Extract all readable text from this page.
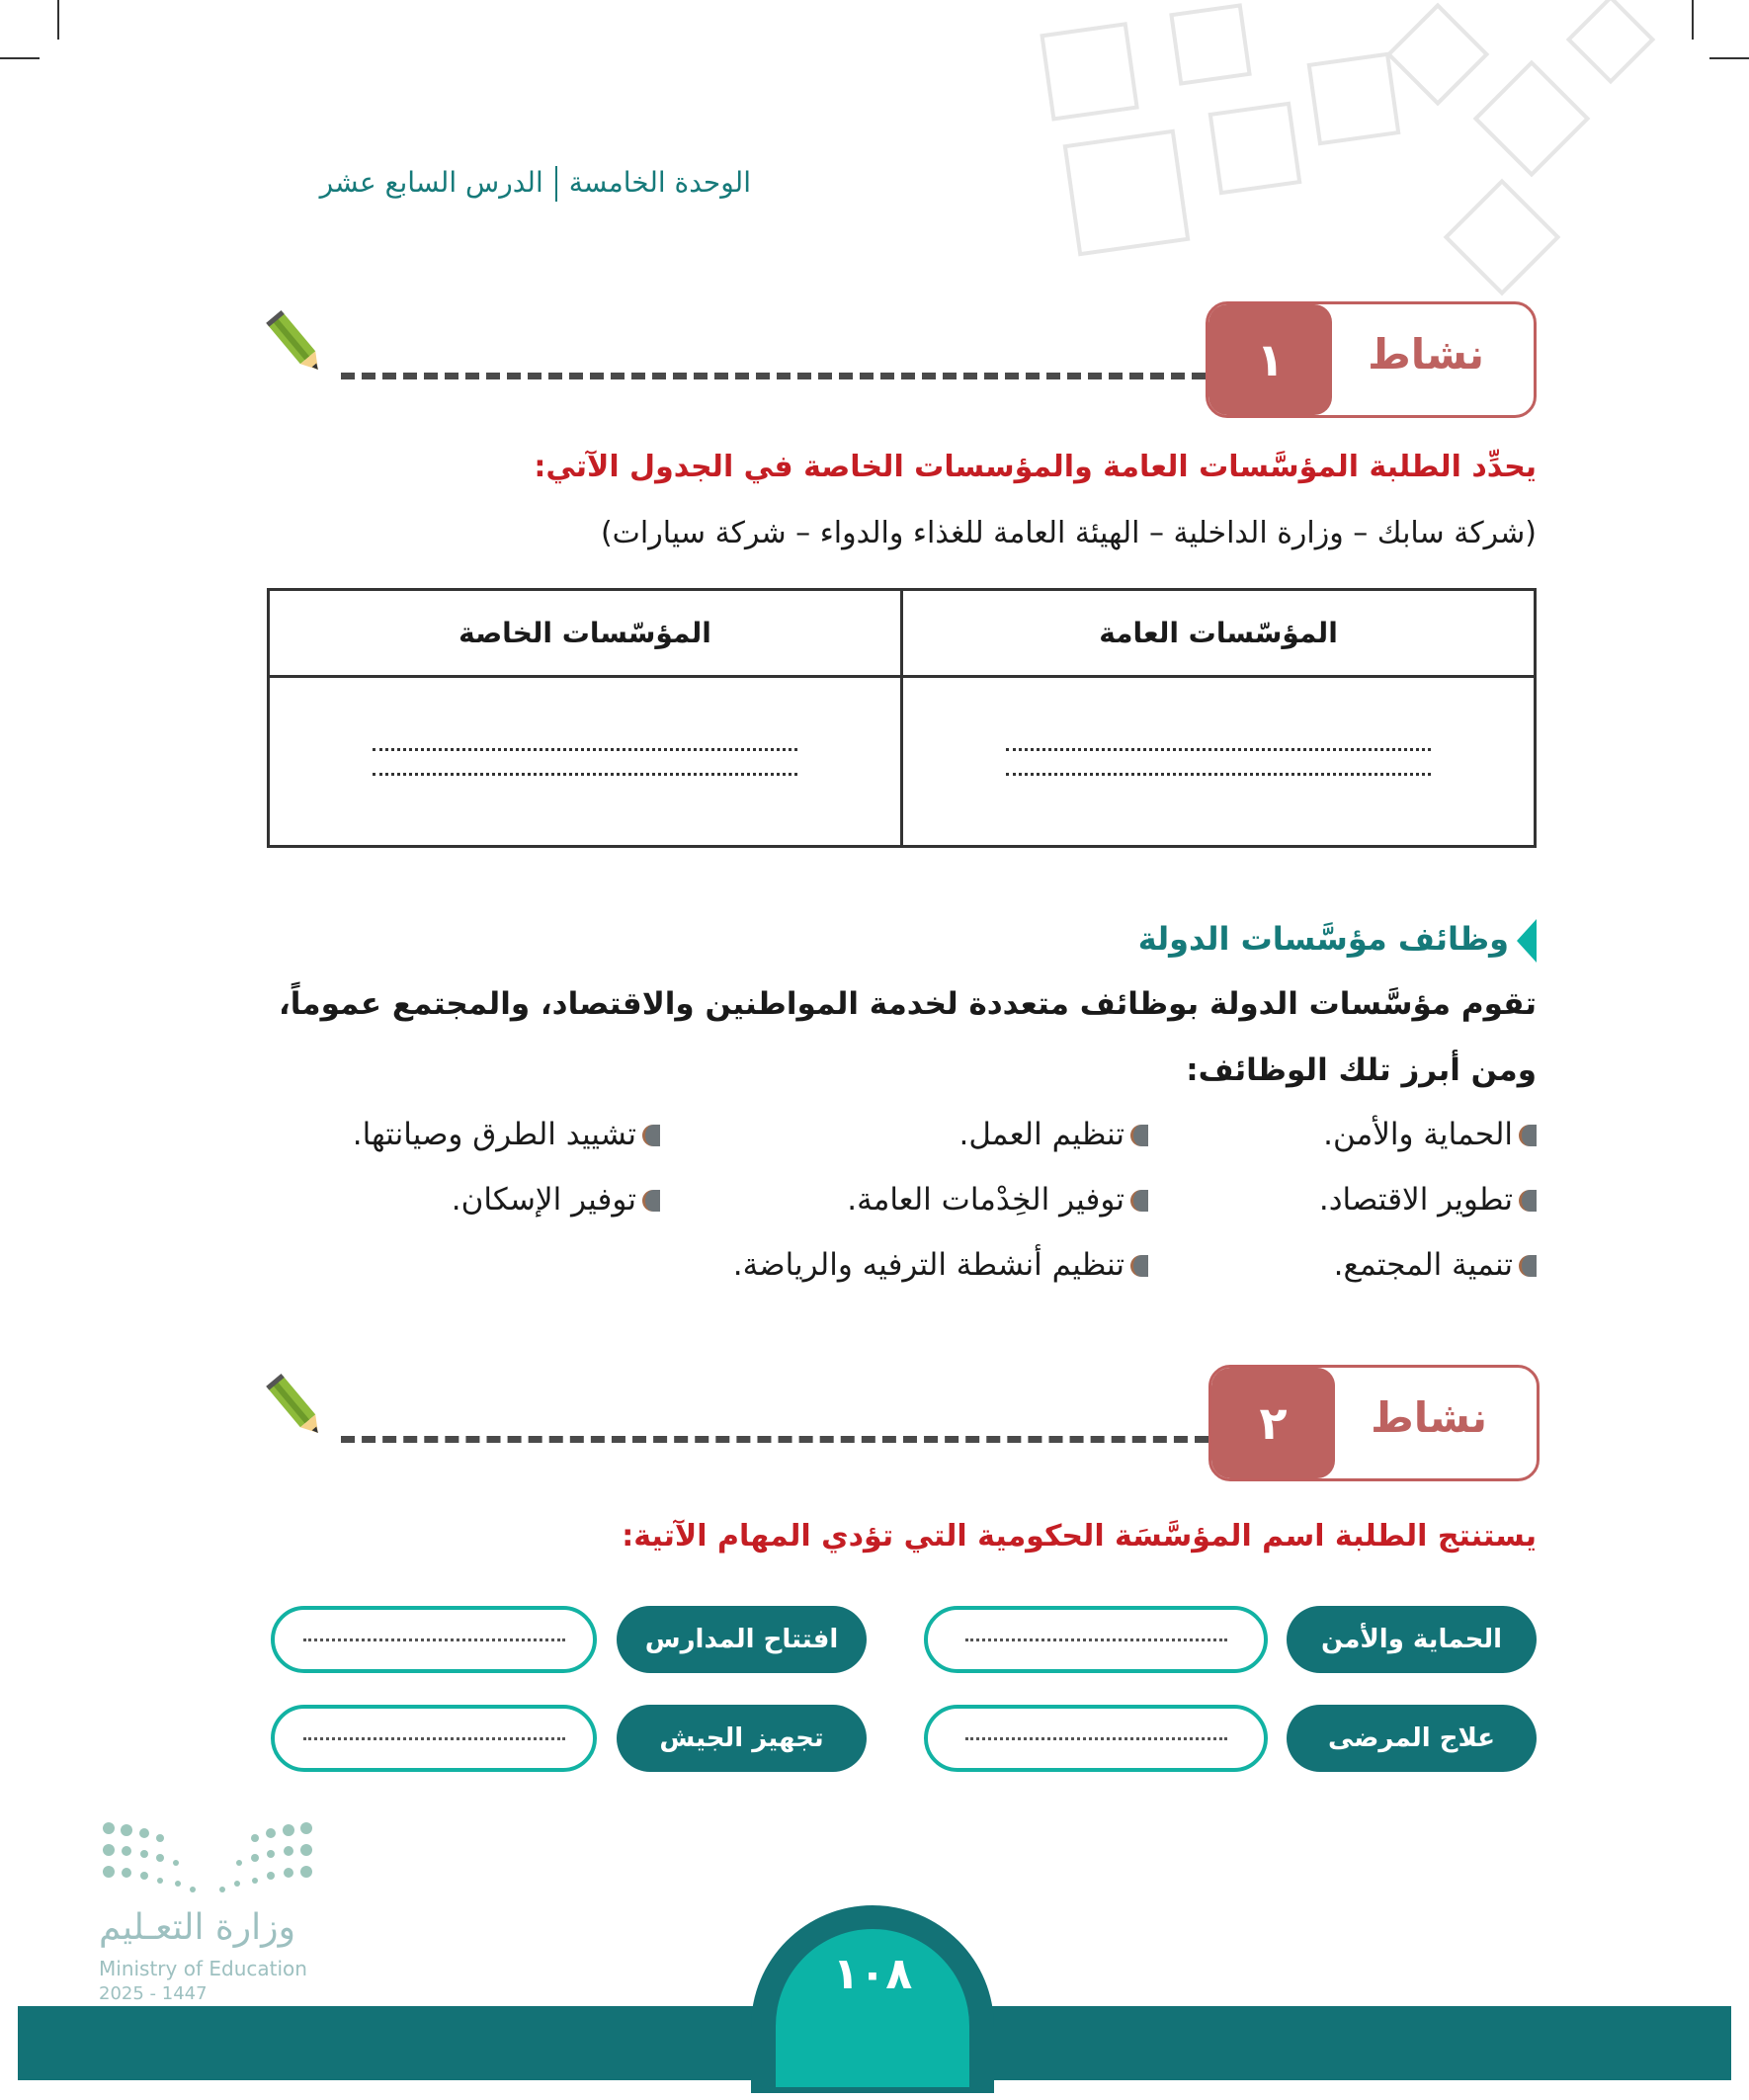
الوحدة الخامسةالدرس السابع عشر
١	نشاط
يحدِّد الطلبة المؤسَّسات العامة والمؤسسات الخاصة في الجدول الآتي:
(شركة سابك – وزارة الداخلية – الهيئة العامة للغذاء والدواء – شركة سيارات)
المؤسّسات العامة	المؤسّسات الخاصة

وظائف مؤسَّسات الدولة
تقوم مؤسَّسات الدولة بوظائف متعددة لخدمة المواطنين والاقتصاد، والمجتمع عموماً،
ومن أبرز تلك الوظائف:
الحماية والأمن.
تنظيم العمل.
تشييد الطرق وصيانتها.
تطوير الاقتصاد.
توفير الخِدْمات العامة.
توفير الإسكان.
تنمية المجتمع.
تنظيم أنشطة الترفيه والرياضة.
٢	نشاط
يستنتج الطلبة اسم المؤسَّسَة الحكومية التي تؤدي المهام الآتية:
الحماية والأمن
افتتاح المدارس
علاج المرضى
تجهيز الجيش
وزارة التعـليم
Ministry of Education
2025 - 1447	١٠٨
